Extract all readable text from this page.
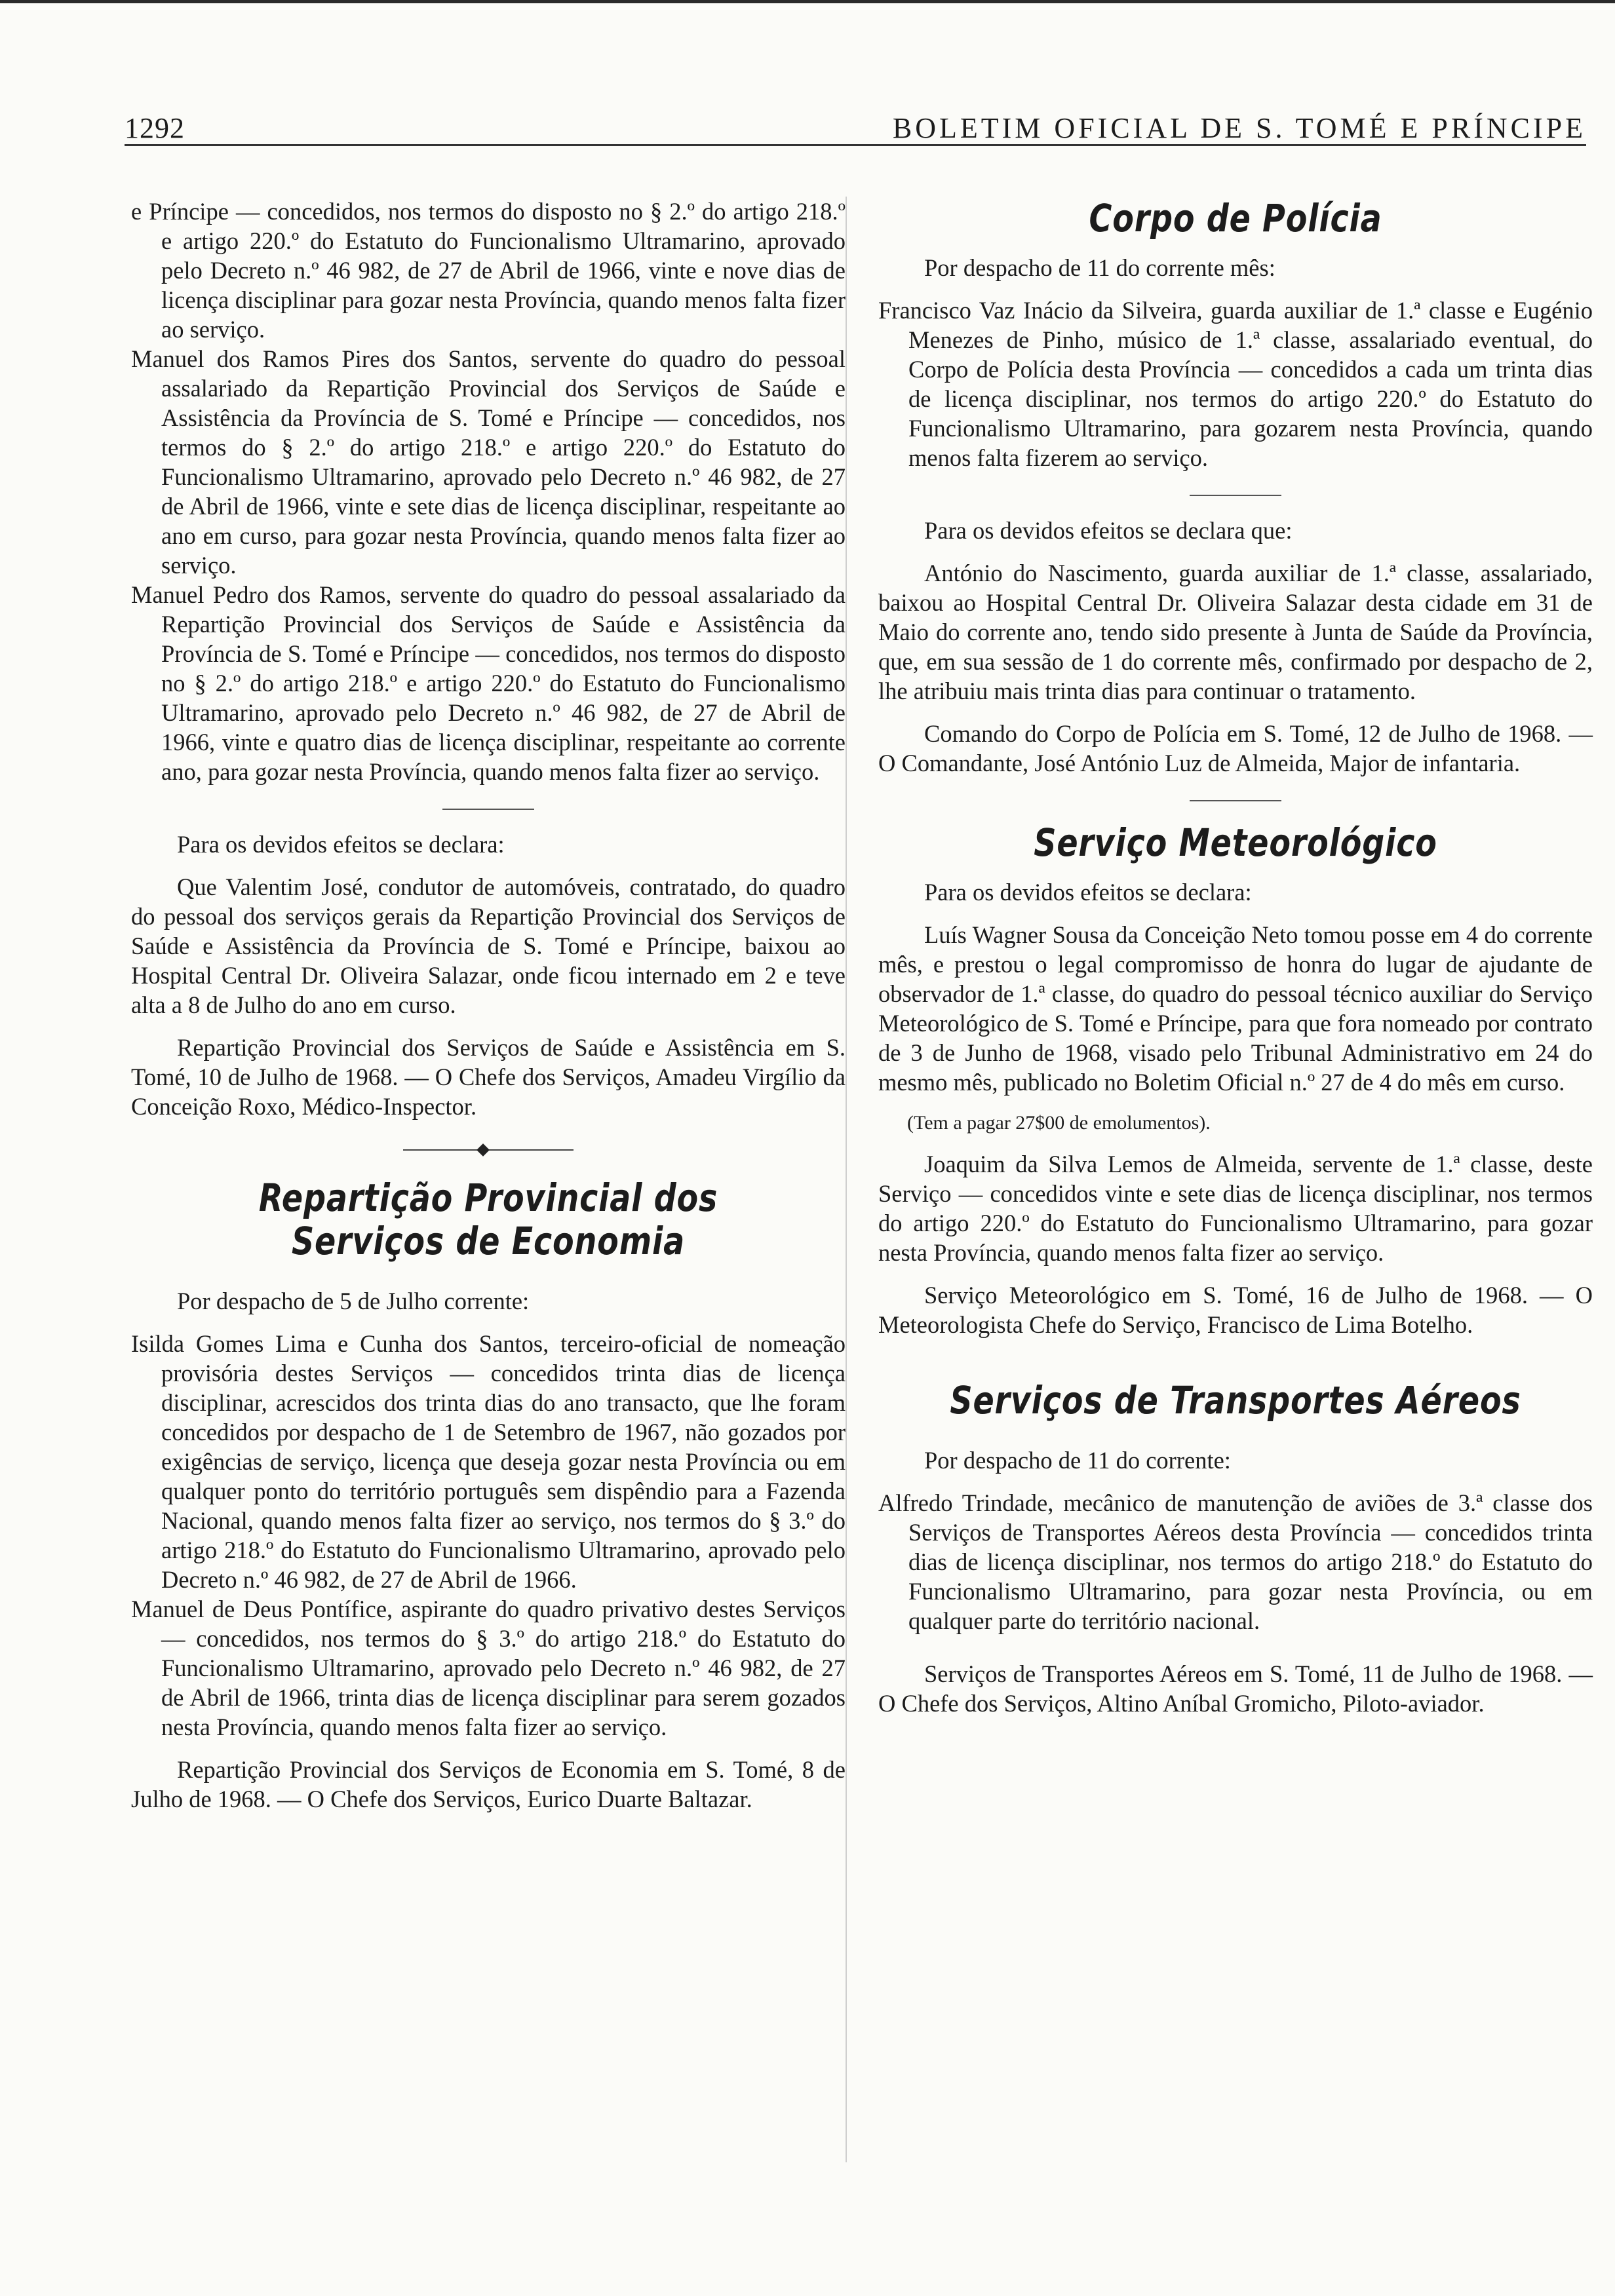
1292	BOLETIM OFICIAL DE S. TOMÉ E PRÍNCIPE

e Príncipe — concedidos, nos termos do disposto no § 2.º do artigo 218.º e artigo 220.º do Estatuto do Funcionalismo Ultramarino, aprovado pelo Decreto n.º 46 982, de 27 de Abril de 1966, vinte e nove dias de licença disciplinar para gozar nesta Província, quando menos falta fizer ao serviço.

Manuel dos Ramos Pires dos Santos, servente do quadro do pessoal assalariado da Repartição Provincial dos Serviços de Saúde e Assistência da Província de S. Tomé e Príncipe — concedidos, nos termos do § 2.º do artigo 218.º e artigo 220.º do Estatuto do Funcionalismo Ultramarino, aprovado pelo Decreto n.º 46 982, de 27 de Abril de 1966, vinte e sete dias de licença disciplinar, respeitante ao ano em curso, para gozar nesta Província, quando menos falta fizer ao serviço.

Manuel Pedro dos Ramos, servente do quadro do pessoal assalariado da Repartição Provincial dos Serviços de Saúde e Assistência da Província de S. Tomé e Príncipe — concedidos, nos termos do disposto no § 2.º do artigo 218.º e artigo 220.º do Estatuto do Funcionalismo Ultramarino, aprovado pelo Decreto n.º 46 982, de 27 de Abril de 1966, vinte e quatro dias de licença disciplinar, respeitante ao corrente ano, para gozar nesta Província, quando menos falta fizer ao serviço.

Para os devidos efeitos se declara:

Que Valentim José, condutor de automóveis, contratado, do quadro do pessoal dos serviços gerais da Repartição Provincial dos Serviços de Saúde e Assistência da Província de S. Tomé e Príncipe, baixou ao Hospital Central Dr. Oliveira Salazar, onde ficou internado em 2 e teve alta a 8 de Julho do ano em curso.

Repartição Provincial dos Serviços de Saúde e Assistência em S. Tomé, 10 de Julho de 1968. — O Chefe dos Serviços, Amadeu Virgílio da Conceição Roxo, Médico-Inspector.

Repartição Provincial dos Serviços de Economia

Por despacho de 5 de Julho corrente:

Isilda Gomes Lima e Cunha dos Santos, terceiro-oficial de nomeação provisória destes Serviços — concedidos trinta dias de licença disciplinar, acrescidos dos trinta dias do ano transacto, que lhe foram concedidos por despacho de 1 de Setembro de 1967, não gozados por exigências de serviço, licença que deseja gozar nesta Província ou em qualquer ponto do território português sem dispêndio para a Fazenda Nacional, quando menos falta fizer ao serviço, nos termos do § 3.º do artigo 218.º do Estatuto do Funcionalismo Ultramarino, aprovado pelo Decreto n.º 46 982, de 27 de Abril de 1966.

Manuel de Deus Pontífice, aspirante do quadro privativo destes Serviços — concedidos, nos termos do § 3.º do artigo 218.º do Estatuto do Funcionalismo Ultramarino, aprovado pelo Decreto n.º 46 982, de 27 de Abril de 1966, trinta dias de licença disciplinar para serem gozados nesta Província, quando menos falta fizer ao serviço.

Repartição Provincial dos Serviços de Economia em S. Tomé, 8 de Julho de 1968. — O Chefe dos Serviços, Eurico Duarte Baltazar.

Corpo de Polícia

Por despacho de 11 do corrente mês:

Francisco Vaz Inácio da Silveira, guarda auxiliar de 1.ª classe e Eugénio Menezes de Pinho, músico de 1.ª classe, assalariado eventual, do Corpo de Polícia desta Província — concedidos a cada um trinta dias de licença disciplinar, nos termos do artigo 220.º do Estatuto do Funcionalismo Ultramarino, para gozarem nesta Província, quando menos falta fizerem ao serviço.

Para os devidos efeitos se declara que:

António do Nascimento, guarda auxiliar de 1.ª classe, assalariado, baixou ao Hospital Central Dr. Oliveira Salazar desta cidade em 31 de Maio do corrente ano, tendo sido presente à Junta de Saúde da Província, que, em sua sessão de 1 do corrente mês, confirmado por despacho de 2, lhe atribuiu mais trinta dias para continuar o tratamento.

Comando do Corpo de Polícia em S. Tomé, 12 de Julho de 1968. — O Comandante, José António Luz de Almeida, Major de infantaria.

Serviço Meteorológico

Para os devidos efeitos se declara:

Luís Wagner Sousa da Conceição Neto tomou posse em 4 do corrente mês, e prestou o legal compromisso de honra do lugar de ajudante de observador de 1.ª classe, do quadro do pessoal técnico auxiliar do Serviço Meteorológico de S. Tomé e Príncipe, para que fora nomeado por contrato de 3 de Junho de 1968, visado pelo Tribunal Administrativo em 24 do mesmo mês, publicado no Boletim Oficial n.º 27 de 4 do mês em curso.

(Tem a pagar 27$00 de emolumentos).

Joaquim da Silva Lemos de Almeida, servente de 1.ª classe, deste Serviço — concedidos vinte e sete dias de licença disciplinar, nos termos do artigo 220.º do Estatuto do Funcionalismo Ultramarino, para gozar nesta Província, quando menos falta fizer ao serviço.

Serviço Meteorológico em S. Tomé, 16 de Julho de 1968. — O Meteorologista Chefe do Serviço, Francisco de Lima Botelho.

Serviços de Transportes Aéreos

Por despacho de 11 do corrente:

Alfredo Trindade, mecânico de manutenção de aviões de 3.ª classe dos Serviços de Transportes Aéreos desta Província — concedidos trinta dias de licença disciplinar, nos termos do artigo 218.º do Estatuto do Funcionalismo Ultramarino, para gozar nesta Província, ou em qualquer parte do território nacional.

Serviços de Transportes Aéreos em S. Tomé, 11 de Julho de 1968. — O Chefe dos Serviços, Altino Aníbal Gromicho, Piloto-aviador.
